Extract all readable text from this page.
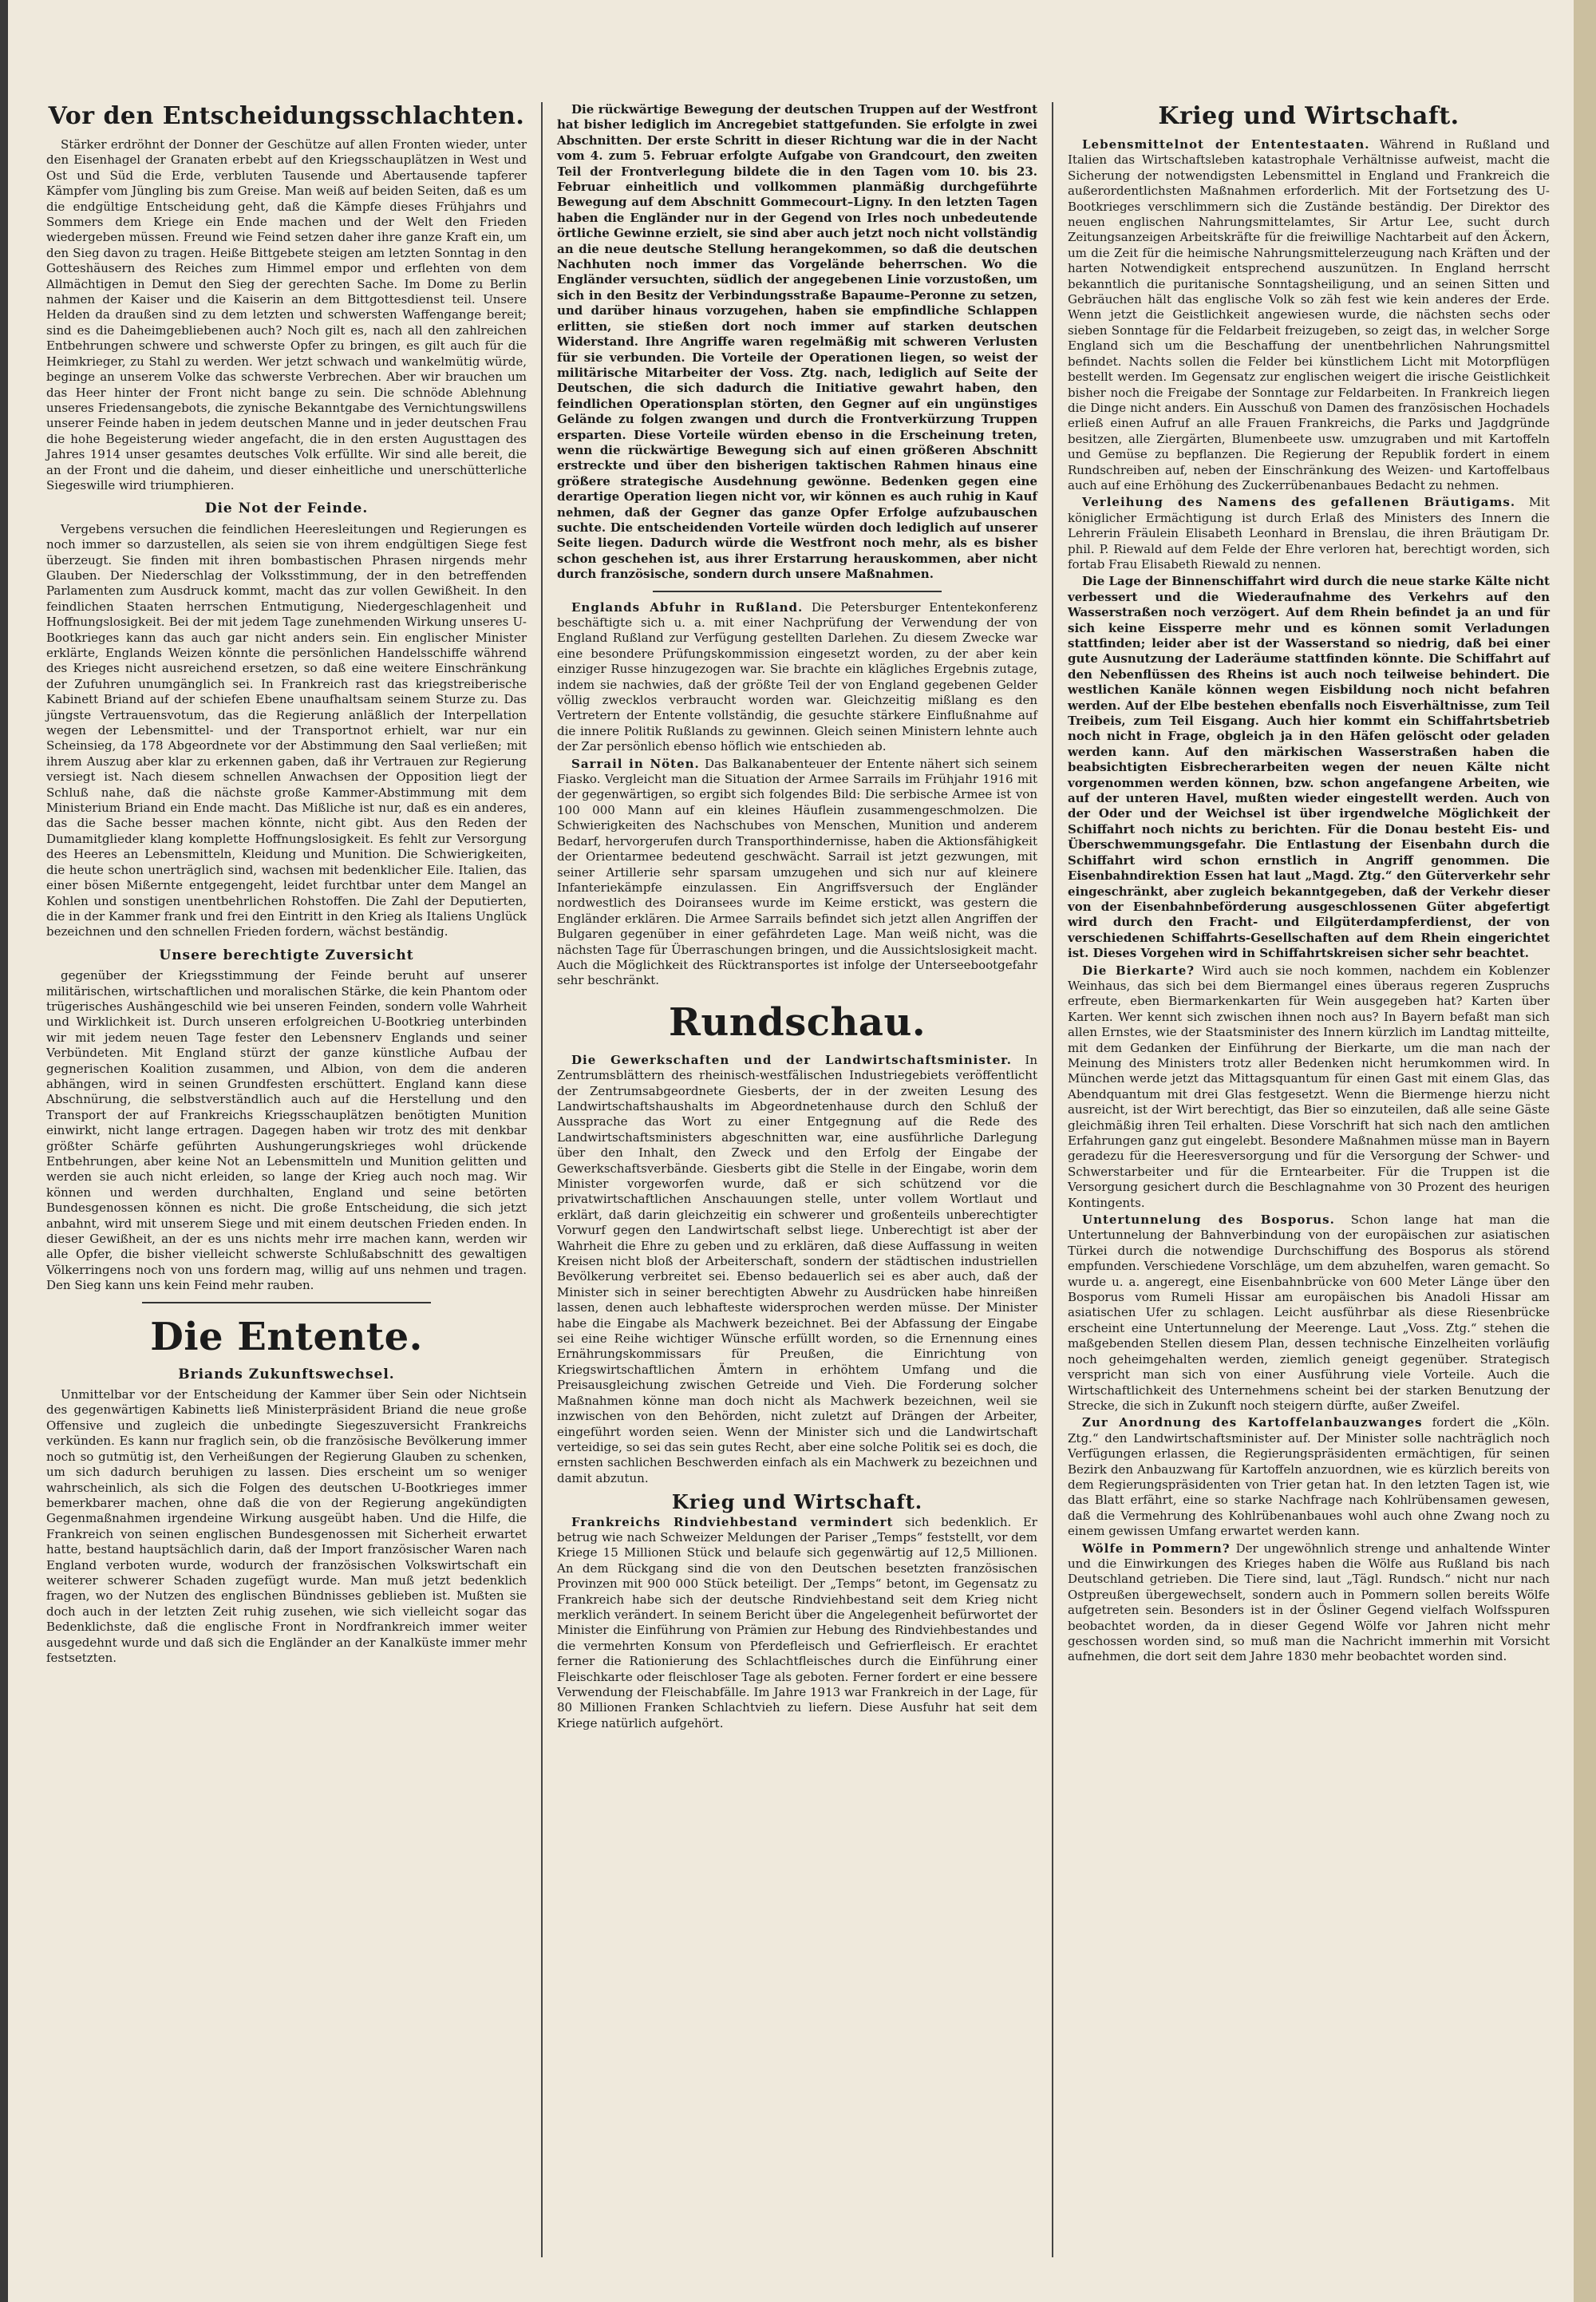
Vor den Entscheidungsschlachten.

Stärker erdröhnt der Donner der Geschütze auf allen Fronten wieder, unter den Eisenhagel der Granaten erbebt auf den Kriegsschauplätzen in West und Ost und Süd die Erde, verbluten Tausende und Abertausende tapferer Kämpfer vom Jüngling bis zum Greise. Man weiß auf beiden Seiten, daß es um die endgültige Entscheidung geht, daß die Kämpfe dieses Frühjahrs und Sommers dem Kriege ein Ende machen und der Welt den Frieden wiedergeben müssen. Freund wie Feind setzen daher ihre ganze Kraft ein, um den Sieg davon zu tragen. Heiße Bittgebete steigen am letzten Sonntag in den Gotteshäusern des Reiches zum Himmel empor und erflehten von dem Allmächtigen in Demut den Sieg der gerechten Sache. Im Dome zu Berlin nahmen der Kaiser und die Kaiserin an dem Bittgottesdienst teil. Unsere Helden da draußen sind zu dem letzten und schwersten Waffengange bereit; sind es die Daheimgebliebenen auch? Noch gilt es, nach all den zahlreichen Entbehrungen schwere und schwerste Opfer zu bringen, es gilt auch für die Heimkrieger, zu Stahl zu werden. Wer jetzt schwach und wankelmütig würde, beginge an unserem Volke das schwerste Verbrechen. Aber wir brauchen um das Heer hinter der Front nicht bange zu sein. Die schnöde Ablehnung unseres Friedensangebots, die zynische Bekanntgabe des Vernichtungswillens unserer Feinde haben in jedem deutschen Manne und in jeder deutschen Frau die hohe Begeisterung wieder angefacht, die in den ersten Augusttagen des Jahres 1914 unser gesamtes deutsches Volk erfüllte. Wir sind alle bereit, die an der Front und die daheim, und dieser einheitliche und unerschütterliche Siegeswille wird triumphieren.

Die Not der Feinde.

Vergebens versuchen die feindlichen Heeresleitungen und Regierungen es noch immer so darzustellen, als seien sie von ihrem endgültigen Siege fest überzeugt. Sie finden mit ihren bombastischen Phrasen nirgends mehr Glauben. Der Niederschlag der Volksstimmung, der in den betreffenden Parlamenten zum Ausdruck kommt, macht das zur vollen Gewißheit. In den feindlichen Staaten herrschen Entmutigung, Niedergeschlagenheit und Hoffnungslosigkeit. Bei der mit jedem Tage zunehmenden Wirkung unseres U-Bootkrieges kann das auch gar nicht anders sein. Ein englischer Minister erklärte, Englands Weizen könnte die persönlichen Handelsschiffe während des Krieges nicht ausreichend ersetzen, so daß eine weitere Einschränkung der Zufuhren unumgänglich sei. In Frankreich rast das kriegstreiberische Kabinett Briand auf der schiefen Ebene unaufhaltsam seinem Sturze zu. Das jüngste Vertrauensvotum, das die Regierung anläßlich der Interpellation wegen der Lebensmittel- und der Transportnot erhielt, war nur ein Scheinsieg, da 178 Abgeordnete vor der Abstimmung den Saal verließen; mit ihrem Auszug aber klar zu erkennen gaben, daß ihr Vertrauen zur Regierung versiegt ist. Nach diesem schnellen Anwachsen der Opposition liegt der Schluß nahe, daß die nächste große Kammer-Abstimmung mit dem Ministerium Briand ein Ende macht. Das Mißliche ist nur, daß es ein anderes, das die Sache besser machen könnte, nicht gibt. Aus den Reden der Dumamitglieder klang komplette Hoffnungslosigkeit. Es fehlt zur Versorgung des Heeres an Lebensmitteln, Kleidung und Munition. Die Schwierigkeiten, die heute schon unerträglich sind, wachsen mit bedenklicher Eile. Italien, das einer bösen Mißernte entgegengeht, leidet furchtbar unter dem Mangel an Kohlen und sonstigen unentbehrlichen Rohstoffen. Die Zahl der Deputierten, die in der Kammer frank und frei den Eintritt in den Krieg als Italiens Unglück bezeichnen und den schnellen Frieden fordern, wächst beständig.

Unsere berechtigte Zuversicht

gegenüber der Kriegsstimmung der Feinde beruht auf unserer militärischen, wirtschaftlichen und moralischen Stärke, die kein Phantom oder trügerisches Aushängeschild wie bei unseren Feinden, sondern volle Wahrheit und Wirklichkeit ist. Durch unseren erfolgreichen U-Bootkrieg unterbinden wir mit jedem neuen Tage fester den Lebensnerv Englands und seiner Verbündeten. Mit England stürzt der ganze künstliche Aufbau der gegnerischen Koalition zusammen, und Albion, von dem die anderen abhängen, wird in seinen Grundfesten erschüttert. England kann diese Abschnürung, die selbstverständlich auch auf die Herstellung und den Transport der auf Frankreichs Kriegsschauplätzen benötigten Munition einwirkt, nicht lange ertragen. Dagegen haben wir trotz des mit denkbar größter Schärfe geführten Aushungerungskrieges wohl drückende Entbehrungen, aber keine Not an Lebensmitteln und Munition gelitten und werden sie auch nicht erleiden, so lange der Krieg auch noch mag. Wir können und werden durchhalten, England und seine betörten Bundesgenossen können es nicht. Die große Entscheidung, die sich jetzt anbahnt, wird mit unserem Siege und mit einem deutschen Frieden enden. In dieser Gewißheit, an der es uns nichts mehr irre machen kann, werden wir alle Opfer, die bisher vielleicht schwerste Schlußabschnitt des gewaltigen Völkerringens noch von uns fordern mag, willig auf uns nehmen und tragen. Den Sieg kann uns kein Feind mehr rauben.

Die Entente.
Briands Zukunftswechsel.

Unmittelbar vor der Entscheidung der Kammer über Sein oder Nichtsein des gegenwärtigen Kabinetts ließ Ministerpräsident Briand die neue große Offensive und zugleich die unbedingte Siegeszuversicht Frankreichs verkünden. Es kann nur fraglich sein, ob die französische Bevölkerung immer noch so gutmütig ist, den Verheißungen der Regierung Glauben zu schenken, um sich dadurch beruhigen zu lassen. Dies erscheint um so weniger wahrscheinlich, als sich die Folgen des deutschen U-Bootkrieges immer bemerkbarer machen, ohne daß die von der Regierung angekündigten Gegenmaßnahmen irgendeine Wirkung ausgeübt haben. Und die Hilfe, die Frankreich von seinen englischen Bundesgenossen mit Sicherheit erwartet hatte, bestand hauptsächlich darin, daß der Import französischer Waren nach England verboten wurde, wodurch der französischen Volkswirtschaft ein weiterer schwerer Schaden zugefügt wurde. Man muß jetzt bedenklich fragen, wo der Nutzen des englischen Bündnisses geblieben ist. Mußten sie doch auch in der letzten Zeit ruhig zusehen, wie sich vielleicht sogar das Bedenklichste, daß die englische Front in Nordfrankreich immer weiter ausgedehnt wurde und daß sich die Engländer an der Kanalküste immer mehr festsetzten.

Die rückwärtige Bewegung der deutschen Truppen auf der Westfront hat bisher lediglich im Ancregebiet stattgefunden. Sie erfolgte in zwei Abschnitten. Der erste Schritt in dieser Richtung war die in der Nacht vom 4. zum 5. Februar erfolgte Aufgabe von Grandcourt, den zweiten Teil der Frontverlegung bildete die in den Tagen vom 10. bis 23. Februar einheitlich und vollkommen planmäßig durchgeführte Bewegung auf dem Abschnitt Gommecourt–Ligny. In den letzten Tagen haben die Engländer nur in der Gegend von Irles noch unbedeutende örtliche Gewinne erzielt, sie sind aber auch jetzt noch nicht vollständig an die neue deutsche Stellung herangekommen, so daß die deutschen Nachhuten noch immer das Vorgelände beherrschen. Wo die Engländer versuchten, südlich der angegebenen Linie vorzustoßen, um sich in den Besitz der Verbindungsstraße Bapaume–Peronne zu setzen, und darüber hinaus vorzugehen, haben sie empfindliche Schlappen erlitten, sie stießen dort noch immer auf starken deutschen Widerstand. Ihre Angriffe waren regelmäßig mit schweren Verlusten für sie verbunden. Die Vorteile der Operationen liegen, so weist der militärische Mitarbeiter der Voss. Ztg. nach, lediglich auf Seite der Deutschen, die sich dadurch die Initiative gewahrt haben, den feindlichen Operationsplan störten, den Gegner auf ein ungünstiges Gelände zu folgen zwangen und durch die Frontverkürzung Truppen ersparten. Diese Vorteile würden ebenso in die Erscheinung treten, wenn die rückwärtige Bewegung sich auf einen größeren Abschnitt erstreckte und über den bisherigen taktischen Rahmen hinaus eine größere strategische Ausdehnung gewönne. Bedenken gegen eine derartige Operation liegen nicht vor, wir können es auch ruhig in Kauf nehmen, daß der Gegner das ganze Opfer Erfolge aufzubauschen suchte. Die entscheidenden Vorteile würden doch lediglich auf unserer Seite liegen. Dadurch würde die Westfront noch mehr, als es bisher schon geschehen ist, aus ihrer Erstarrung herauskommen, aber nicht durch französische, sondern durch unsere Maßnahmen.

Englands Abfuhr in Rußland. Die Petersburger Ententekonferenz beschäftigte sich u. a. mit einer Nachprüfung der Verwendung der von England Rußland zur Verfügung gestellten Darlehen. Zu diesem Zwecke war eine besondere Prüfungskommission eingesetzt worden, zu der aber kein einziger Russe hinzugezogen war. Sie brachte ein klägliches Ergebnis zutage, indem sie nachwies, daß der größte Teil der von England gegebenen Gelder völlig zwecklos verbraucht worden war. Gleichzeitig mißlang es den Vertretern der Entente vollständig, die gesuchte stärkere Einflußnahme auf die innere Politik Rußlands zu gewinnen. Gleich seinen Ministern lehnte auch der Zar persönlich ebenso höflich wie entschieden ab.

Sarrail in Nöten. Das Balkanabenteuer der Entente nähert sich seinem Fiasko. Vergleicht man die Situation der Armee Sarrails im Frühjahr 1916 mit der gegenwärtigen, so ergibt sich folgendes Bild: Die serbische Armee ist von 100 000 Mann auf ein kleines Häuflein zusammengeschmolzen. Die Schwierigkeiten des Nachschubes von Menschen, Munition und anderem Bedarf, hervorgerufen durch Transporthindernisse, haben die Aktionsfähigkeit der Orientarmee bedeutend geschwächt. Sarrail ist jetzt gezwungen, mit seiner Artillerie sehr sparsam umzugehen und sich nur auf kleinere Infanteriekämpfe einzulassen. Ein Angriffsversuch der Engländer nordwestlich des Doiransees wurde im Keime erstickt, was gestern die Engländer erklären. Die Armee Sarrails befindet sich jetzt allen Angriffen der Bulgaren gegenüber in einer gefährdeten Lage. Man weiß nicht, was die nächsten Tage für Überraschungen bringen, und die Aussichtslosigkeit macht. Auch die Möglichkeit des Rücktransportes ist infolge der Unterseebootgefahr sehr beschränkt.

Rundschau.

Die Gewerkschaften und der Landwirtschaftsminister. In Zentrumsblättern des rheinisch-westfälischen Industriegebiets veröffentlicht der Zentrumsabgeordnete Giesberts, der in der zweiten Lesung des Landwirtschaftshaushalts im Abgeordnetenhause durch den Schluß der Aussprache das Wort zu einer Entgegnung auf die Rede des Landwirtschaftsministers abgeschnitten war, eine ausführliche Darlegung über den Inhalt, den Zweck und den Erfolg der Eingabe der Gewerkschaftsverbände. Giesberts gibt die Stelle in der Eingabe, worin dem Minister vorgeworfen wurde, daß er sich schützend vor die privatwirtschaftlichen Anschauungen stelle, unter vollem Wortlaut und erklärt, daß darin gleichzeitig ein schwerer und großenteils unberechtigter Vorwurf gegen den Landwirtschaft selbst liege. Unberechtigt ist aber der Wahrheit die Ehre zu geben und zu erklären, daß diese Auffassung in weiten Kreisen nicht bloß der Arbeiterschaft, sondern der städtischen industriellen Bevölkerung verbreitet sei. Ebenso bedauerlich sei es aber auch, daß der Minister sich in seiner berechtigten Abwehr zu Ausdrücken habe hinreißen lassen, denen auch lebhafteste widersprochen werden müsse. Der Minister habe die Eingabe als Machwerk bezeichnet. Bei der Abfassung der Eingabe sei eine Reihe wichtiger Wünsche erfüllt worden, so die Ernennung eines Ernährungskommissars für Preußen, die Einrichtung von Kriegswirtschaftlichen Ämtern in erhöhtem Umfang und die Preisausgleichung zwischen Getreide und Vieh. Die Forderung solcher Maßnahmen könne man doch nicht als Machwerk bezeichnen, weil sie inzwischen von den Behörden, nicht zuletzt auf Drängen der Arbeiter, eingeführt worden seien. Wenn der Minister sich und die Landwirtschaft verteidige, so sei das sein gutes Recht, aber eine solche Politik sei es doch, die ernsten sachlichen Beschwerden einfach als ein Machwerk zu bezeichnen und damit abzutun.

Krieg und Wirtschaft.

Frankreichs Rindviehbestand vermindert sich bedenklich. Er betrug wie nach Schweizer Meldungen der Pariser „Temps“ feststellt, vor dem Kriege 15 Millionen Stück und belaufe sich gegenwärtig auf 12,5 Millionen. An dem Rückgang sind die von den Deutschen besetzten französischen Provinzen mit 900 000 Stück beteiligt. Der „Temps“ betont, im Gegensatz zu Frankreich habe sich der deutsche Rindviehbestand seit dem Krieg nicht merklich verändert. In seinem Bericht über die Angelegenheit befürwortet der Minister die Einführung von Prämien zur Hebung des Rindviehbestandes und die vermehrten Konsum von Pferdefleisch und Gefrierfleisch. Er erachtet ferner die Rationierung des Schlachtfleisches durch die Einführung einer Fleischkarte oder fleischloser Tage als geboten. Ferner fordert er eine bessere Verwendung der Fleischabfälle. Im Jahre 1913 war Frankreich in der Lage, für 80 Millionen Franken Schlachtvieh zu liefern. Diese Ausfuhr hat seit dem Kriege natürlich aufgehört.

Krieg und Wirtschaft.

Lebensmittelnot der Ententestaaten. Während in Rußland und Italien das Wirtschaftsleben katastrophale Verhältnisse aufweist, macht die Sicherung der notwendigsten Lebensmittel in England und Frankreich die außerordentlichsten Maßnahmen erforderlich. Mit der Fortsetzung des U-Bootkrieges verschlimmern sich die Zustände beständig. Der Direktor des neuen englischen Nahrungsmittelamtes, Sir Artur Lee, sucht durch Zeitungsanzeigen Arbeitskräfte für die freiwillige Nachtarbeit auf den Äckern, um die Zeit für die heimische Nahrungsmittelerzeugung nach Kräften und der harten Notwendigkeit entsprechend auszunützen. In England herrscht bekanntlich die puritanische Sonntagsheiligung, und an seinen Sitten und Gebräuchen hält das englische Volk so zäh fest wie kein anderes der Erde. Wenn jetzt die Geistlichkeit angewiesen wurde, die nächsten sechs oder sieben Sonntage für die Feldarbeit freizugeben, so zeigt das, in welcher Sorge England sich um die Beschaffung der unentbehrlichen Nahrungsmittel befindet. Nachts sollen die Felder bei künstlichem Licht mit Motorpflügen bestellt werden. Im Gegensatz zur englischen weigert die irische Geistlichkeit bisher noch die Freigabe der Sonntage zur Feldarbeiten. In Frankreich liegen die Dinge nicht anders. Ein Ausschuß von Damen des französischen Hochadels erließ einen Aufruf an alle Frauen Frankreichs, die Parks und Jagdgründe besitzen, alle Ziergärten, Blumenbeete usw. umzugraben und mit Kartoffeln und Gemüse zu bepflanzen. Die Regierung der Republik fordert in einem Rundschreiben auf, neben der Einschränkung des Weizen- und Kartoffelbaus auch auf eine Erhöhung des Zuckerrübenanbaues Bedacht zu nehmen.

Verleihung des Namens des gefallenen Bräutigams. Mit königlicher Ermächtigung ist durch Erlaß des Ministers des Innern die Lehrerin Fräulein Elisabeth Leonhard in Brenslau, die ihren Bräutigam Dr. phil. P. Riewald auf dem Felde der Ehre verloren hat, berechtigt worden, sich fortab Frau Elisabeth Riewald zu nennen.

Die Lage der Binnenschiffahrt wird durch die neue starke Kälte nicht verbessert und die Wiederaufnahme des Verkehrs auf den Wasserstraßen noch verzögert. Auf dem Rhein befindet ja an und für sich keine Eissperre mehr und es können somit Verladungen stattfinden; leider aber ist der Wasserstand so niedrig, daß bei einer gute Ausnutzung der Laderäume stattfinden könnte. Die Schiffahrt auf den Nebenflüssen des Rheins ist auch noch teilweise behindert. Die westlichen Kanäle können wegen Eisbildung noch nicht befahren werden. Auf der Elbe bestehen ebenfalls noch Eisverhältnisse, zum Teil Treibeis, zum Teil Eisgang. Auch hier kommt ein Schiffahrtsbetrieb noch nicht in Frage, obgleich ja in den Häfen gelöscht oder geladen werden kann. Auf den märkischen Wasserstraßen haben die beabsichtigten Eisbrecherarbeiten wegen der neuen Kälte nicht vorgenommen werden können, bzw. schon angefangene Arbeiten, wie auf der unteren Havel, mußten wieder eingestellt werden. Auch von der Oder und der Weichsel ist über irgendwelche Möglichkeit der Schiffahrt noch nichts zu berichten. Für die Donau besteht Eis- und Überschwemmungsgefahr. Die Entlastung der Eisenbahn durch die Schiffahrt wird schon ernstlich in Angriff genommen. Die Eisenbahndirektion Essen hat laut „Magd. Ztg.“ den Güterverkehr sehr eingeschränkt, aber zugleich bekanntgegeben, daß der Verkehr dieser von der Eisenbahnbeförderung ausgeschlossenen Güter abgefertigt wird durch den Fracht- und Eilgüterdampferdienst, der von verschiedenen Schiffahrts-Gesellschaften auf dem Rhein eingerichtet ist. Dieses Vorgehen wird in Schiffahrtskreisen sicher sehr beachtet.

Die Bierkarte? Wird auch sie noch kommen, nachdem ein Koblenzer Weinhaus, das sich bei dem Biermangel eines überaus regeren Zuspruchs erfreute, eben Biermarkenkarten für Wein ausgegeben hat? Karten über Karten. Wer kennt sich zwischen ihnen noch aus? In Bayern befaßt man sich allen Ernstes, wie der Staatsminister des Innern kürzlich im Landtag mitteilte, mit dem Gedanken der Einführung der Bierkarte, um die man nach der Meinung des Ministers trotz aller Bedenken nicht herumkommen wird. In München werde jetzt das Mittagsquantum für einen Gast mit einem Glas, das Abendquantum mit drei Glas festgesetzt. Wenn die Biermenge hierzu nicht ausreicht, ist der Wirt berechtigt, das Bier so einzuteilen, daß alle seine Gäste gleichmäßig ihren Teil erhalten. Diese Vorschrift hat sich nach den amtlichen Erfahrungen ganz gut eingelebt. Besondere Maßnahmen müsse man in Bayern geradezu für die Heeresversorgung und für die Versorgung der Schwer- und Schwerstarbeiter und für die Erntearbeiter. Für die Truppen ist die Versorgung gesichert durch die Beschlagnahme von 30 Prozent des heurigen Kontingents.

Untertunnelung des Bosporus. Schon lange hat man die Untertunnelung der Bahnverbindung von der europäischen zur asiatischen Türkei durch die notwendige Durchschiffung des Bosporus als störend empfunden. Verschiedene Vorschläge, um dem abzuhelfen, waren gemacht. So wurde u. a. angeregt, eine Eisenbahnbrücke von 600 Meter Länge über den Bosporus vom Rumeli Hissar am europäischen bis Anadoli Hissar am asiatischen Ufer zu schlagen. Leicht ausführbar als diese Riesenbrücke erscheint eine Untertunnelung der Meerenge. Laut „Voss. Ztg.“ stehen die maßgebenden Stellen diesem Plan, dessen technische Einzelheiten vorläufig noch geheimgehalten werden, ziemlich geneigt gegenüber. Strategisch verspricht man sich von einer Ausführung viele Vorteile. Auch die Wirtschaftlichkeit des Unternehmens scheint bei der starken Benutzung der Strecke, die sich in Zukunft noch steigern dürfte, außer Zweifel.

Zur Anordnung des Kartoffelanbauzwanges fordert die „Köln. Ztg.“ den Landwirtschaftsminister auf. Der Minister solle nachträglich noch Verfügungen erlassen, die Regierungspräsidenten ermächtigen, für seinen Bezirk den Anbauzwang für Kartoffeln anzuordnen, wie es kürzlich bereits von dem Regierungspräsidenten von Trier getan hat. In den letzten Tagen ist, wie das Blatt erfährt, eine so starke Nachfrage nach Kohlrübensamen gewesen, daß die Vermehrung des Kohlrübenanbaues wohl auch ohne Zwang noch zu einem gewissen Umfang erwartet werden kann.

Wölfe in Pommern? Der ungewöhnlich strenge und anhaltende Winter und die Einwirkungen des Krieges haben die Wölfe aus Rußland bis nach Deutschland getrieben. Die Tiere sind, laut „Tägl. Rundsch.“ nicht nur nach Ostpreußen übergewechselt, sondern auch in Pommern sollen bereits Wölfe aufgetreten sein. Besonders ist in der Ösliner Gegend vielfach Wolfsspuren beobachtet worden, da in dieser Gegend Wölfe vor Jahren nicht mehr geschossen worden sind, so muß man die Nachricht immerhin mit Vorsicht aufnehmen, die dort seit dem Jahre 1830 mehr beobachtet worden sind.
